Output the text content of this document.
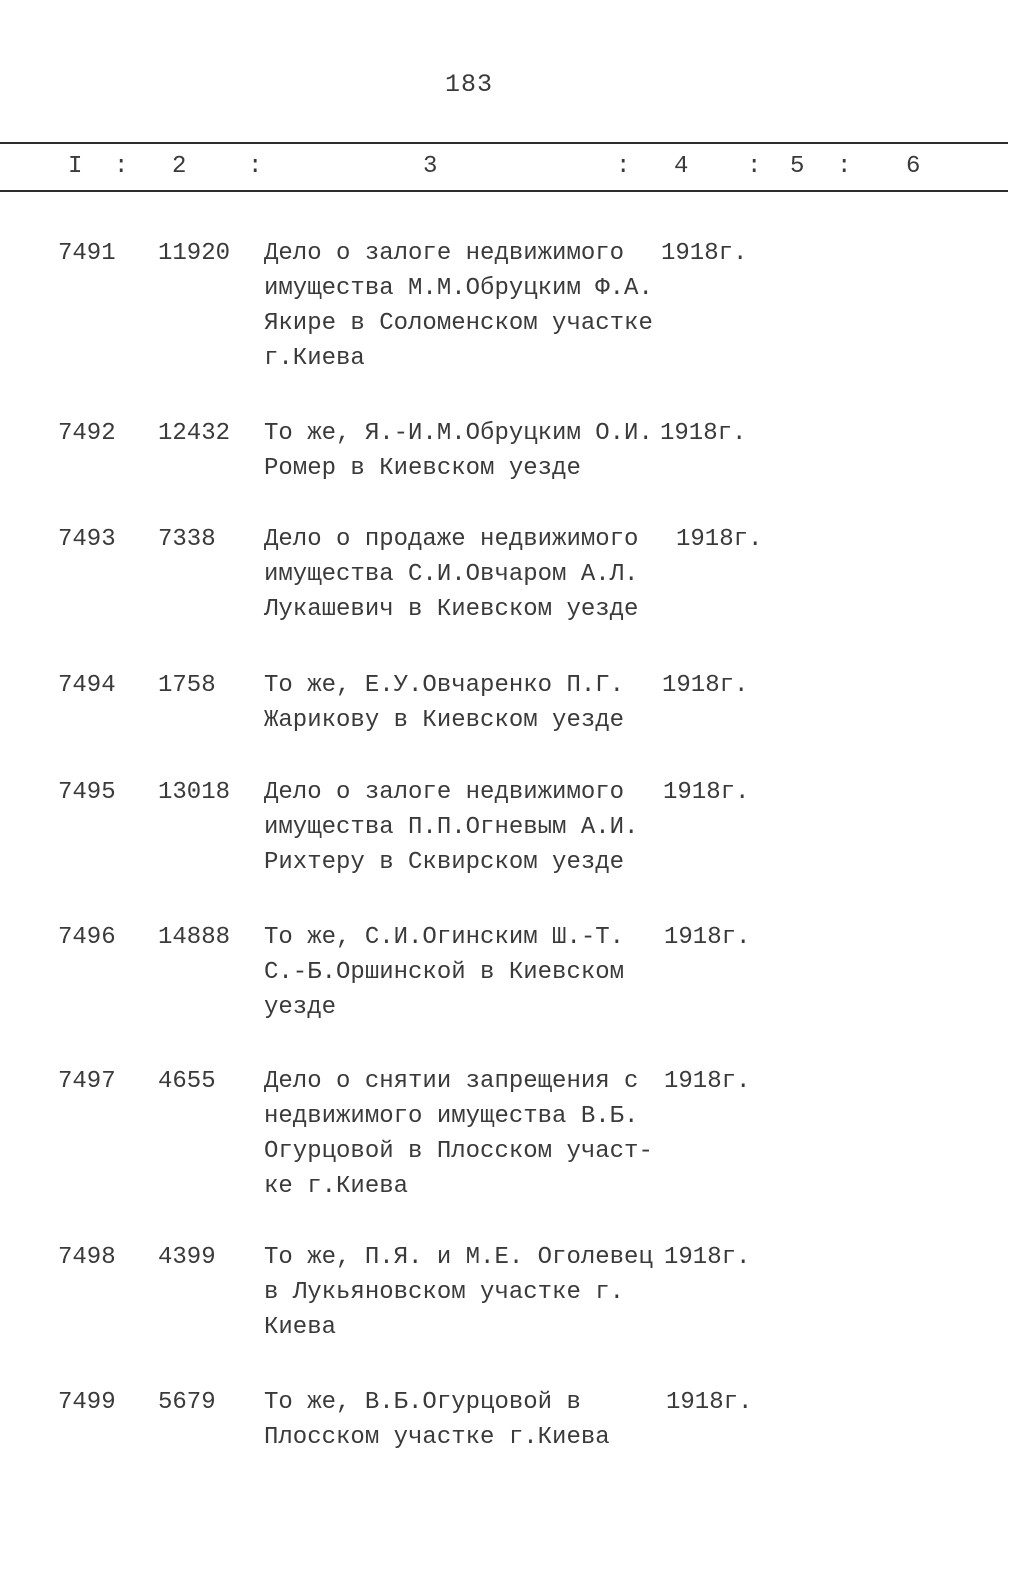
183
I : 2	:	3	: 4 : 5 : 6
7491 11920 Дело о залоге недвижимого
имущества М.М.Обруцким Ф.А.
Якире в Соломенском участке
г.Киева
1918г.
7492 12432 То же, Я.-И.М.Обруцким О.И.
Ромер в Киевском уезде
1918г.
7493 7338 Дело о продаже недвижимого
имущества С.И.Овчаром А.Л.
Лукашевич в Киевском уезде
1918г.
7494 1758 То же, Е.У.Овчаренко П.Г.
Жарикову в Киевском уезде
1918г.
7495 13018 Дело о залоге недвижимого
имущества П.П.Огневым А.И.
Рихтеру в Сквирском уезде
1918г.
7496 14888 То же, С.И.Огинским Ш.-Т.
С.-Б.Оршинской в Киевском
уезде
1918г.
7497 4655 Дело о снятии запрещения с
недвижимого имущества В.Б.
Огурцовой в Плосском участ-
ке г.Киева
1918г.
7498 4399 То же, П.Я. и М.Е. Оголевец
в Лукьяновском участке г.
Киева
1918г.
7499 5679 То же, В.Б.Огурцовой в
Плосском участке г.Киева
1918г.
